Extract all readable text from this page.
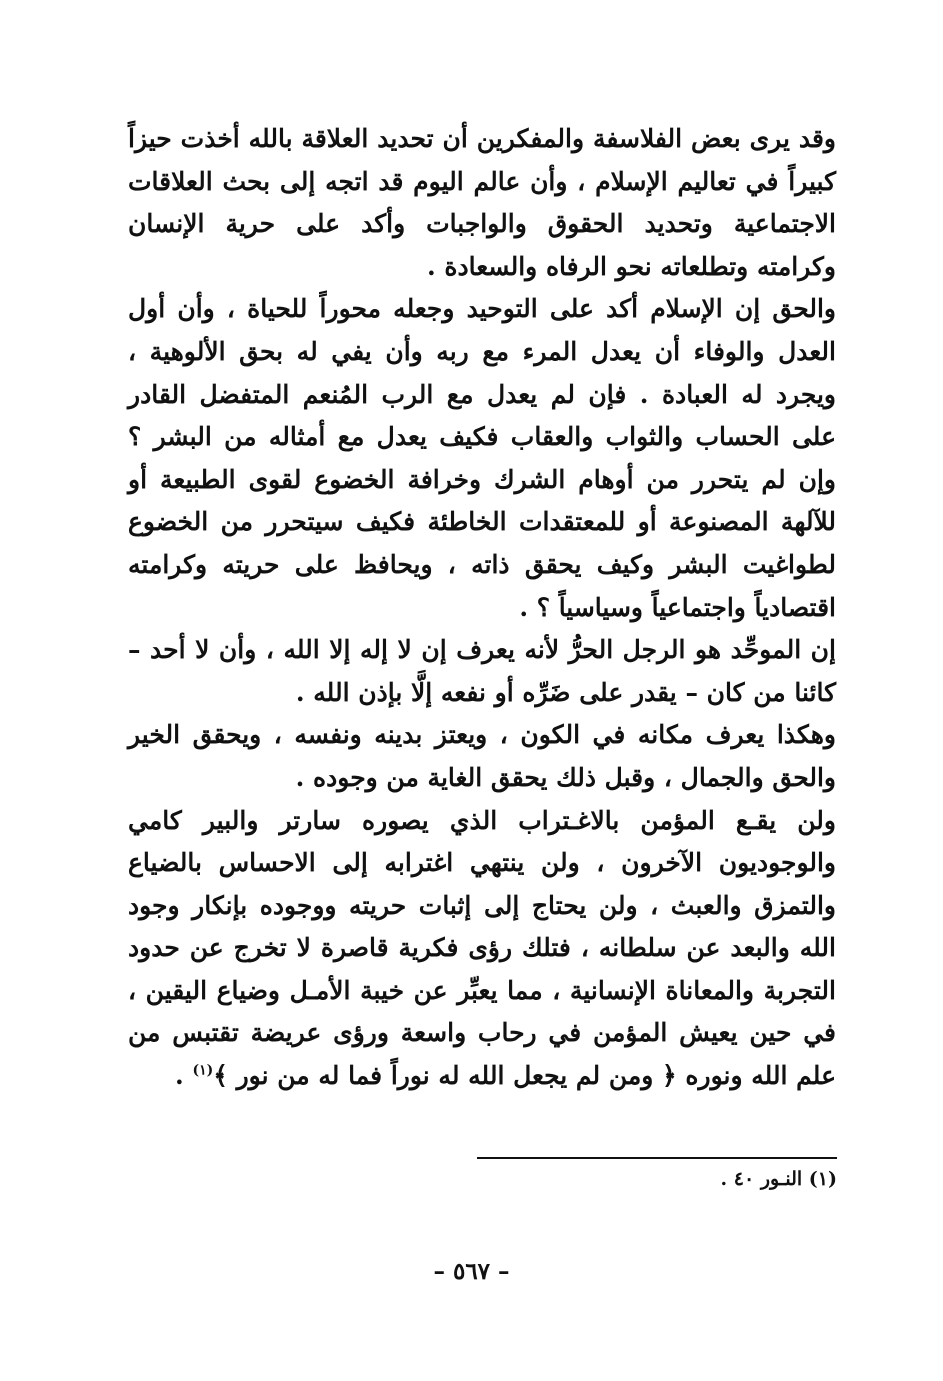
وقد يرى بعض الفلاسفة والمفكرين أن تحديد العلاقة بالله أخذت حيزاً كبيراً في تعاليم الإسلام ، وأن عالم اليوم قد اتجه إلى بحث العلاقات الاجتماعية وتحديد الحقوق والواجبات وأكد على حرية الإنسان وكرامته وتطلعاته نحو الرفاه والسعادة .

والحق إن الإسلام أكد على التوحيد وجعله محوراً للحياة ، وأن أول العدل والوفاء أن يعدل المرء مع ربه وأن يفي له بحق الألوهية ، ويجرد له العبادة . فإن لم يعدل مع الرب المُنعم المتفضل القادر على الحساب والثواب والعقاب فكيف يعدل مع أمثاله من البشر ؟ وإن لم يتحرر من أوهام الشرك وخرافة الخضوع لقوى الطبيعة أو للآلهة المصنوعة أو للمعتقدات الخاطئة فكيف سيتحرر من الخضوع لطواغيت البشر وكيف يحقق ذاته ، ويحافظ على حريته وكرامته اقتصادياً واجتماعياً وسياسياً ؟ .

إن الموحِّد هو الرجل الحرُّ لأنه يعرف إن لا إله إلا الله ، وأن لا أحد – كائنا من كان – يقدر على ضَرِّه أو نفعه إلَّا بإذن الله .

وهكذا يعرف مكانه في الكون ، ويعتز بدينه ونفسه ، ويحقق الخير والحق والجمال ، وقبل ذلك يحقق الغاية من وجوده .

ولن يقـع المؤمن بالاغـتراب الذي يصوره سارتر والبير كامي والوجوديون الآخرون ، ولن ينتهي اغترابه إلى الاحساس بالضياع والتمزق والعبث ، ولن يحتاج إلى إثبات حريته ووجوده بإنكار وجود الله والبعد عن سلطانه ، فتلك رؤى فكرية قاصرة لا تخرج عن حدود التجربة والمعاناة الإنسانية ، مما يعبِّر عن خيبة الأمـل وضياع اليقين ، في حين يعيش المؤمن في رحاب واسعة ورؤى عريضة تقتبس من علم الله ونوره ﴿ ومن لم يجعل الله له نوراً فما له من نور ﴾$^{(١)}$ .

(١) النـور ٤٠ .
– ٥٦٧ –
